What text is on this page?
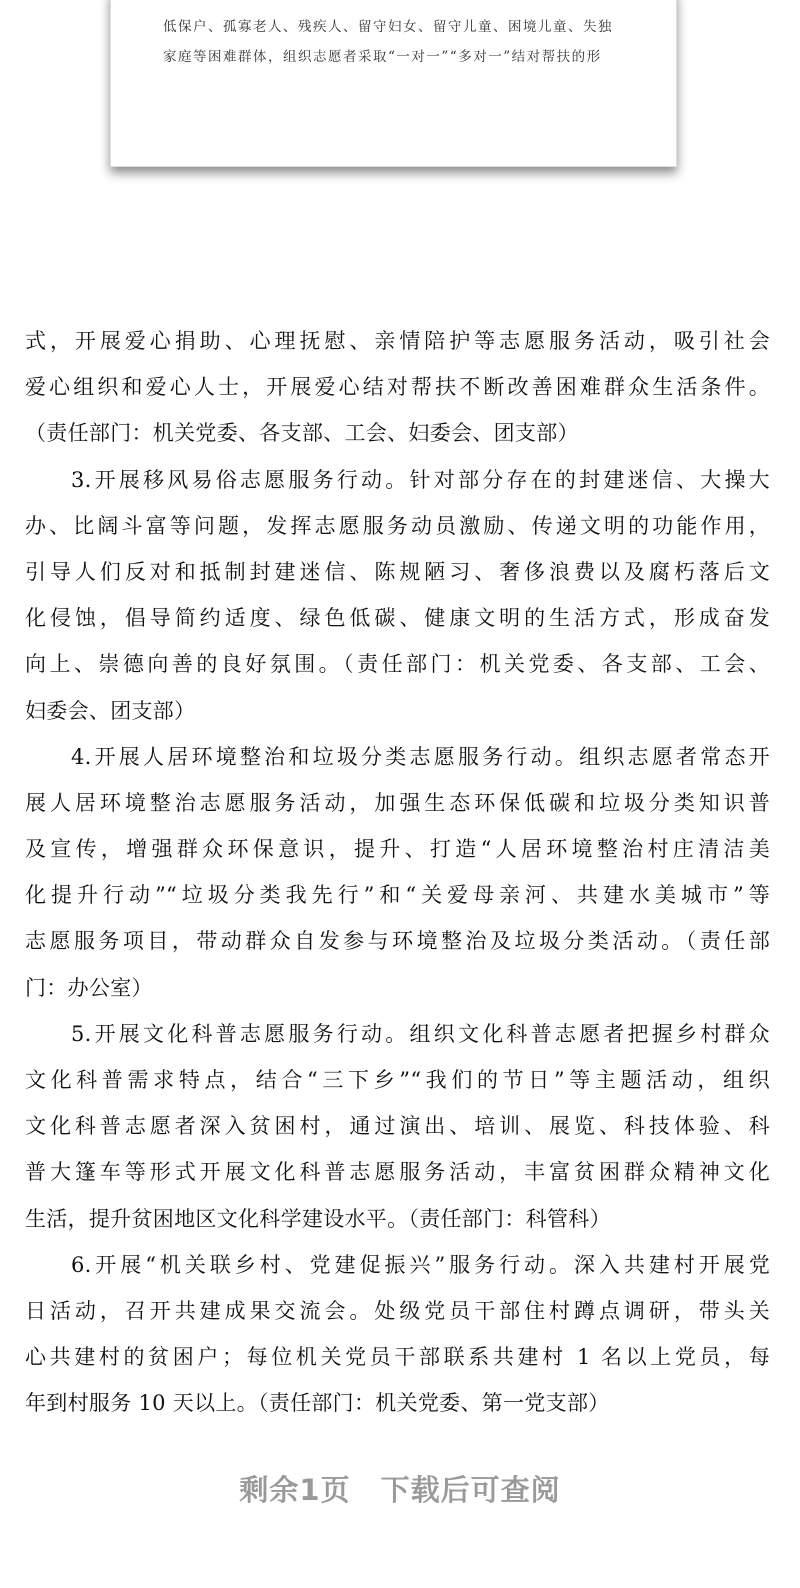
低保户、孤寡老人、残疾人、留守妇女、留守儿童、困境儿童、失独
家庭等困难群体，组织志愿者采取“一对一”“多对一”结对帮扶的形
式，开展爱心捐助、心理抚慰、亲情陪护等志愿服务活动，吸引社会
爱心组织和爱心人士，开展爱心结对帮扶不断改善困难群众生活条件。
（责任部门：机关党委、各支部、工会、妇委会、团支部）
3.开展移风易俗志愿服务行动。针对部分存在的封建迷信、大操大
办、比阔斗富等问题，发挥志愿服务动员激励、传递文明的功能作用，
引导人们反对和抵制封建迷信、陈规陋习、奢侈浪费以及腐朽落后文
化侵蚀，倡导简约适度、绿色低碳、健康文明的生活方式，形成奋发
向上、崇德向善的良好氛围。（责任部门：机关党委、各支部、工会、
妇委会、团支部）
4.开展人居环境整治和垃圾分类志愿服务行动。组织志愿者常态开
展人居环境整治志愿服务活动，加强生态环保低碳和垃圾分类知识普
及宣传，增强群众环保意识，提升、打造“人居环境整治村庄清洁美
化提升行动”“垃圾分类我先行”和“关爱母亲河、共建水美城市”等
志愿服务项目，带动群众自发参与环境整治及垃圾分类活动。（责任部
门：办公室）
5.开展文化科普志愿服务行动。组织文化科普志愿者把握乡村群众
文化科普需求特点，结合“三下乡”“我们的节日”等主题活动，组织
文化科普志愿者深入贫困村，通过演出、培训、展览、科技体验、科
普大篷车等形式开展文化科普志愿服务活动，丰富贫困群众精神文化
生活，提升贫困地区文化科学建设水平。（责任部门：科管科）
6.开展“机关联乡村、党建促振兴”服务行动。深入共建村开展党
日活动，召开共建成果交流会。处级党员干部住村蹲点调研，带头关
心共建村的贫困户；每位机关党员干部联系共建村 1 名以上党员，每
年到村服务 10 天以上。（责任部门：机关党委、第一党支部）
剩余1页　下载后可查阅
